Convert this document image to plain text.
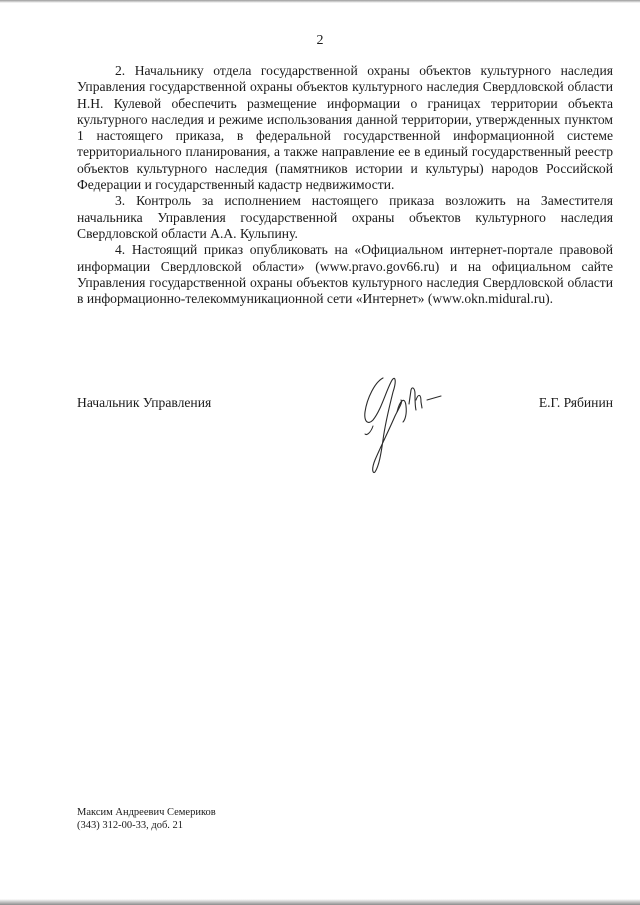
2

2. Начальнику отдела государственной охраны объектов культурного наследия Управления государственной охраны объектов культурного наследия Свердловской области Н.Н. Кулевой обеспечить размещение информации о границах территории объекта культурного наследия и режиме использования данной территории, утвержденных пунктом 1 настоящего приказа, в федеральной государственной информационной системе территориального планирования, а также направление ее в единый государственный реестр объектов культурного наследия (памятников истории и культуры) народов Российской Федерации и государственный кадастр недвижимости.

3. Контроль за исполнением настоящего приказа возложить на Заместителя начальника Управления государственной охраны объектов культурного наследия Свердловской области А.А. Кульпину.

4. Настоящий приказ опубликовать на «Официальном интернет-портале правовой информации Свердловской области» (www.pravo.gov66.ru) и на официальном сайте Управления государственной охраны объектов культурного наследия Свердловской области в информационно-телекоммуникационной сети «Интернет» (www.okn.midural.ru).

Начальник Управления	Е.Г. Рябинин
Максим Андреевич Семериков
(343) 312-00-33, доб. 21
